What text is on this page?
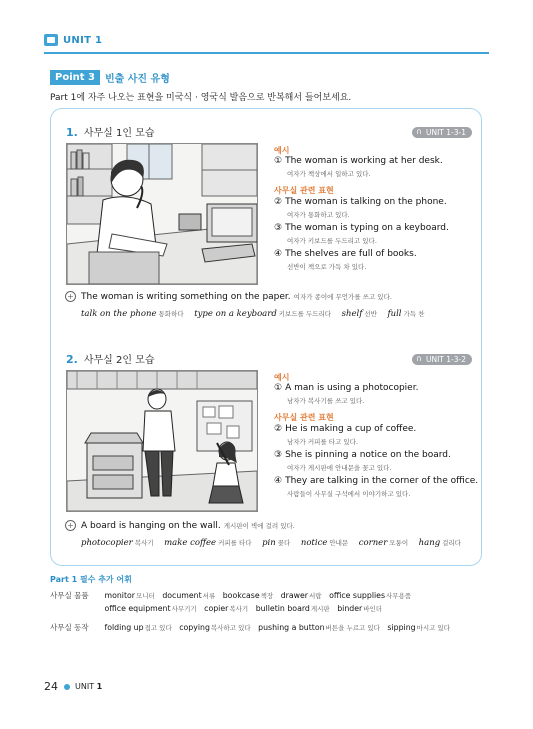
UNIT 1
Point 3	빈출 사진 유형
Part 1에 자주 나오는 표현을 미국식 · 영국식 발음으로 반복해서 들어보세요.
1. 사무실 1인 모습	∩ UNIT 1-3-1
예시
① The woman is working at her desk.
여자가 책상에서 일하고 있다.
사무실 관련 표현
② The woman is talking on the phone.
여자가 통화하고 있다.
③ The woman is typing on a keyboard.
여자가 키보드를 두드리고 있다.
④ The shelves are full of books.
선반이 책으로 가득 차 있다.
+ The woman is writing something on the paper. 여자가 종이에 무언가를 쓰고 있다.
talk on the phone 통화하다 type on a keyboard 키보드를 두드리다 shelf 선반 full 가득 찬
2. 사무실 2인 모습	∩ UNIT 1-3-2
예시
① A man is using a photocopier.
남자가 복사기를 쓰고 있다.
사무실 관련 표현
② He is making a cup of coffee.
남자가 커피를 타고 있다.
③ She is pinning a notice on the board.
여자가 게시판에 안내문을 꽂고 있다.
④ They are talking in the corner of the office.
사람들이 사무실 구석에서 이야기하고 있다.
+ A board is hanging on the wall. 게시판이 벽에 걸려 있다.
photocopier 복사기 make coffee 커피를 타다 pin 꽂다 notice 안내문 corner 모퉁이 hang 걸리다
Part 1 필수 추가 어휘
사무실 물품 monitor모니터 document서류 bookcase책장 drawer서랍 office supplies사무용품
office equipment사무기기 copier복사기 bulletin board게시판 binder바인더
사무실 동작 folding up접고 있다 copying복사하고 있다 pushing a button버튼을 누르고 있다 sipping마시고 있다
24 UNIT 1
